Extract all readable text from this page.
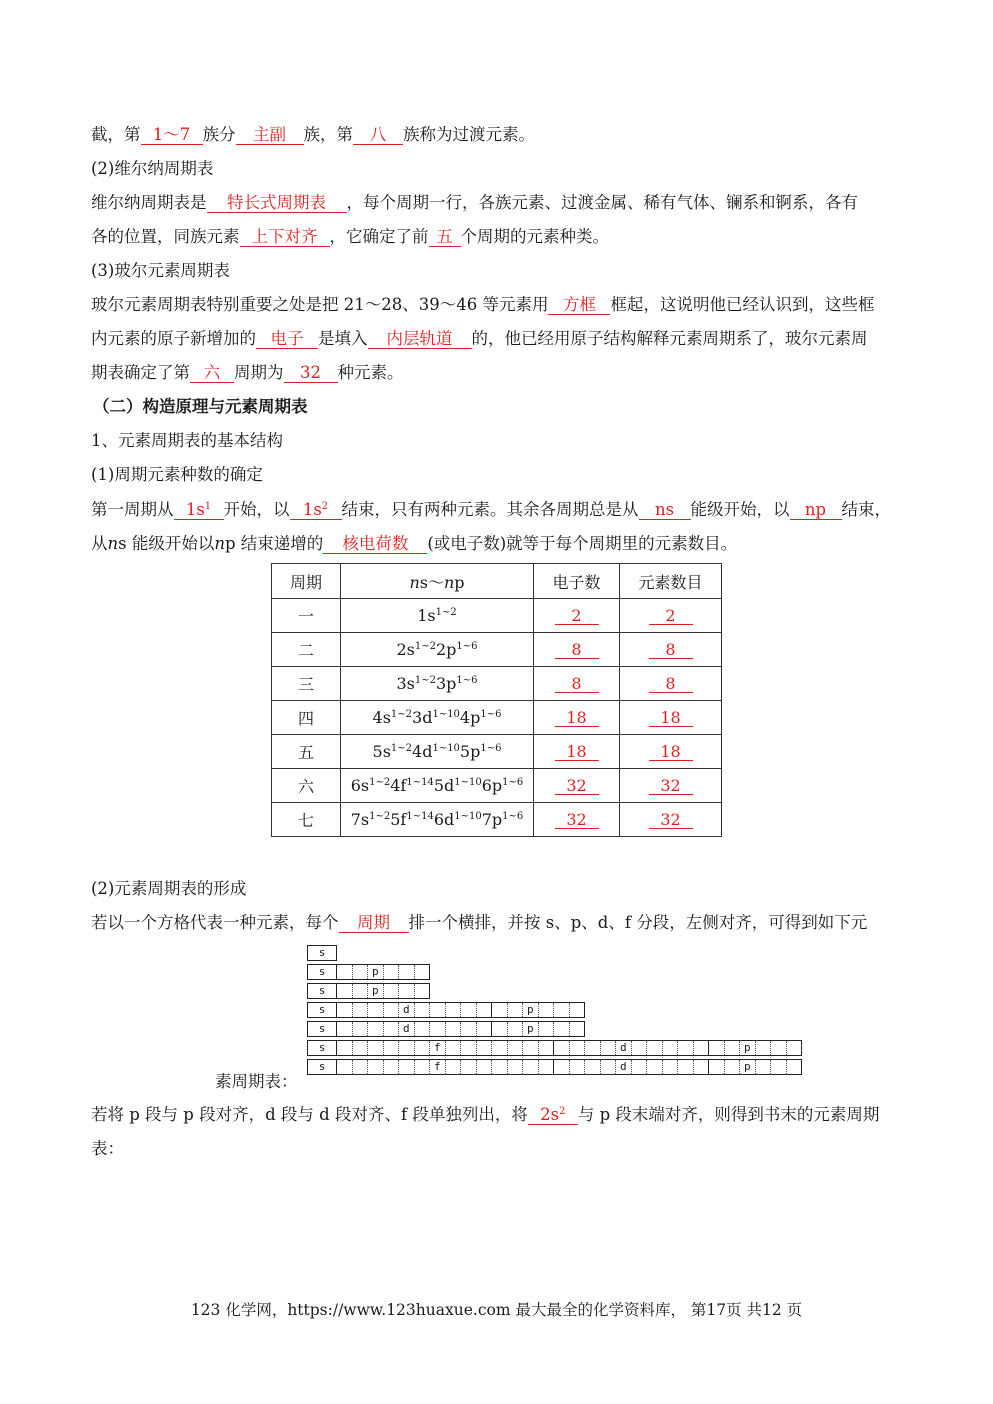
截，第 1～7 族分 主副 族，第 八 族称为过渡元素。
(2)维尔纳周期表
维尔纳周期表是 特长式周期表 ，每个周期一行，各族元素、过渡金属、稀有气体、镧系和锕系，各有
各的位置，同族元素 上下对齐 ，它确定了前 五 个周期的元素种类。
(3)玻尔元素周期表
玻尔元素周期表特别重要之处是把 21～28、39～46 等元素用 方框 框起，这说明他已经认识到，这些框
内元素的原子新增加的 电子 是填入 内层轨道 的，他已经用原子结构解释元素周期系了，玻尔元素周
期表确定了第 六 周期为 32 种元素。
（二）构造原理与元素周期表
1、元素周期表的基本结构
(1)周期元素种数的确定
第一周期从 $1s^1$ 开始，以 $1s^2$ 结束，只有两种元素。其余各周期总是从 ns 能级开始，以 np 结束，
从ns 能级开始以np 结束递增的 核电荷数 (或电子数)就等于每个周期里的元素数目。
周期	ns～np	电子数	元素数目
一	$1s^{1\sim 2}$	2	2
二	$2s^{1\sim 2}2p^{1\sim 6}$	8	8
三	$3s^{1\sim 2}3p^{1\sim 6}$	8	8
四	$4s^{1\sim 2}3d^{1\sim 10}4p^{1\sim 6}$	18	18
五	$5s^{1\sim 2}4d^{1\sim 10}5p^{1\sim 6}$	18	18
六	$6s^{1\sim 2}4f^{1\sim 14}5d^{1\sim 10}6p^{1\sim 6}$	32	32
七	$7s^{1\sim 2}5f^{1\sim 14}6d^{1\sim 10}7p^{1\sim 6}$	32	32
(2)元素周期表的形成
若以一个方格代表一种元素，每个 周期 排一个横排，并按 s、p、d、f 分段，左侧对齐，可得到如下元
s
s	p
s	p
s	d	p
s	d	p
s	f	d	p
s	f	d	p
素周期表：
若将 p 段与 p 段对齐，d 段与 d 段对齐、f 段单独列出，将 $2s^2$ 与 p 段末端对齐，则得到书末的元素周期
表：
123 化学网，https://www.123huaxue.com 最大最全的化学资料库， 第17页 共12 页
